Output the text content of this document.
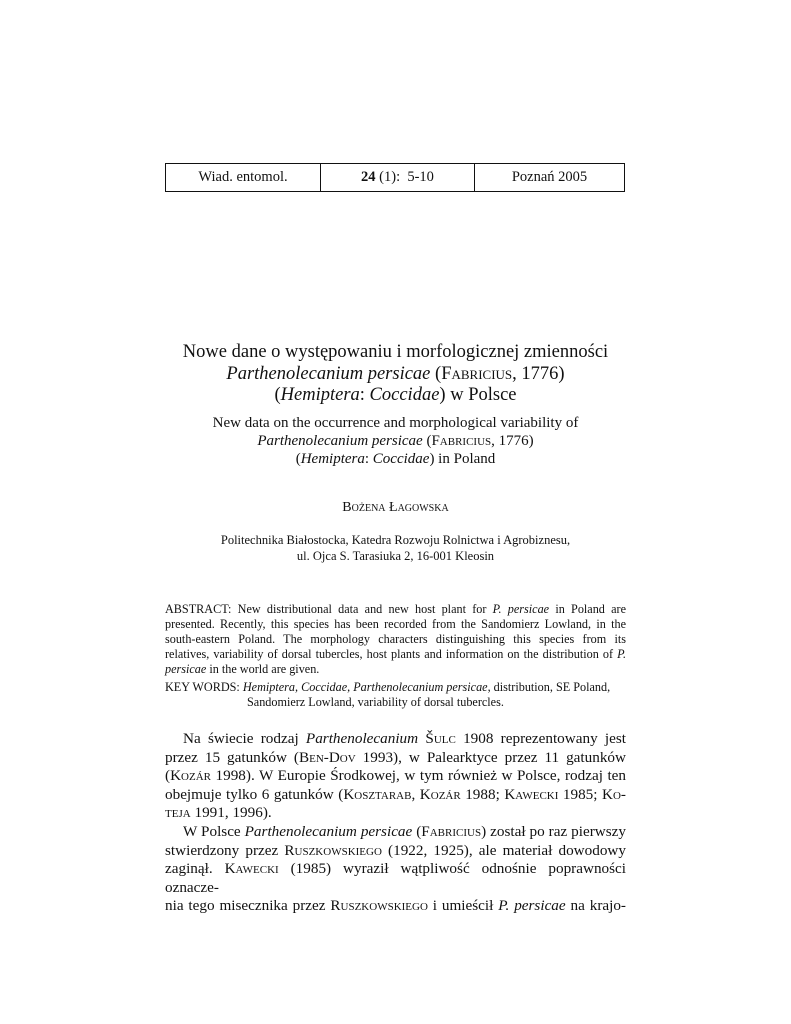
Wiad. entomol.	24 (1):  5-10	Poznań 2005
Nowe dane o występowaniu i morfologicznej zmienności
Parthenolecanium persicae (Fabricius, 1776)
(Hemiptera: Coccidae) w Polsce
New data on the occurrence and morphological variability of
Parthenolecanium persicae (Fabricius, 1776)
(Hemiptera: Coccidae) in Poland
Bożena Łagowska
Politechnika Białostocka, Katedra Rozwoju Rolnictwa i Agrobiznesu,
ul. Ojca S. Tarasiuka 2, 16-001 Kleosin
ABSTRACT: New distributional data and new host plant for P. persicae in Poland are presented. Recently, this species has been recorded from the Sandomierz Lowland, in the south-eastern Poland. The morphology characters distinguishing this species from its relatives, variability of dorsal tubercles, host plants and information on the distribution of P. persicae in the world are given.
KEY WORDS: Hemiptera, Coccidae, Parthenolecanium persicae, distribution, SE Poland,
Sandomierz Lowland, variability of dorsal tubercles.
Na świecie rodzaj Parthenolecanium Šulc 1908 reprezentowany jest
przez 15 gatunków (Ben-Dov 1993), w Palearktyce przez 11 gatunków
(Kozár 1998). W Europie Środkowej, w tym również w Polsce, rodzaj ten
obejmuje tylko 6 gatunków (Kosztarab, Kozár 1988; Kawecki 1985; Ko-
teja 1991, 1996).
W Polsce Parthenolecanium persicae (Fabricius) został po raz pierwszy
stwierdzony przez Ruszkowskiego (1922, 1925), ale materiał dowodowy
zaginął. Kawecki (1985) wyraził wątpliwość odnośnie poprawności oznacze-
nia tego misecznika przez Ruszkowskiego i umieścił P. persicae na krajo-
